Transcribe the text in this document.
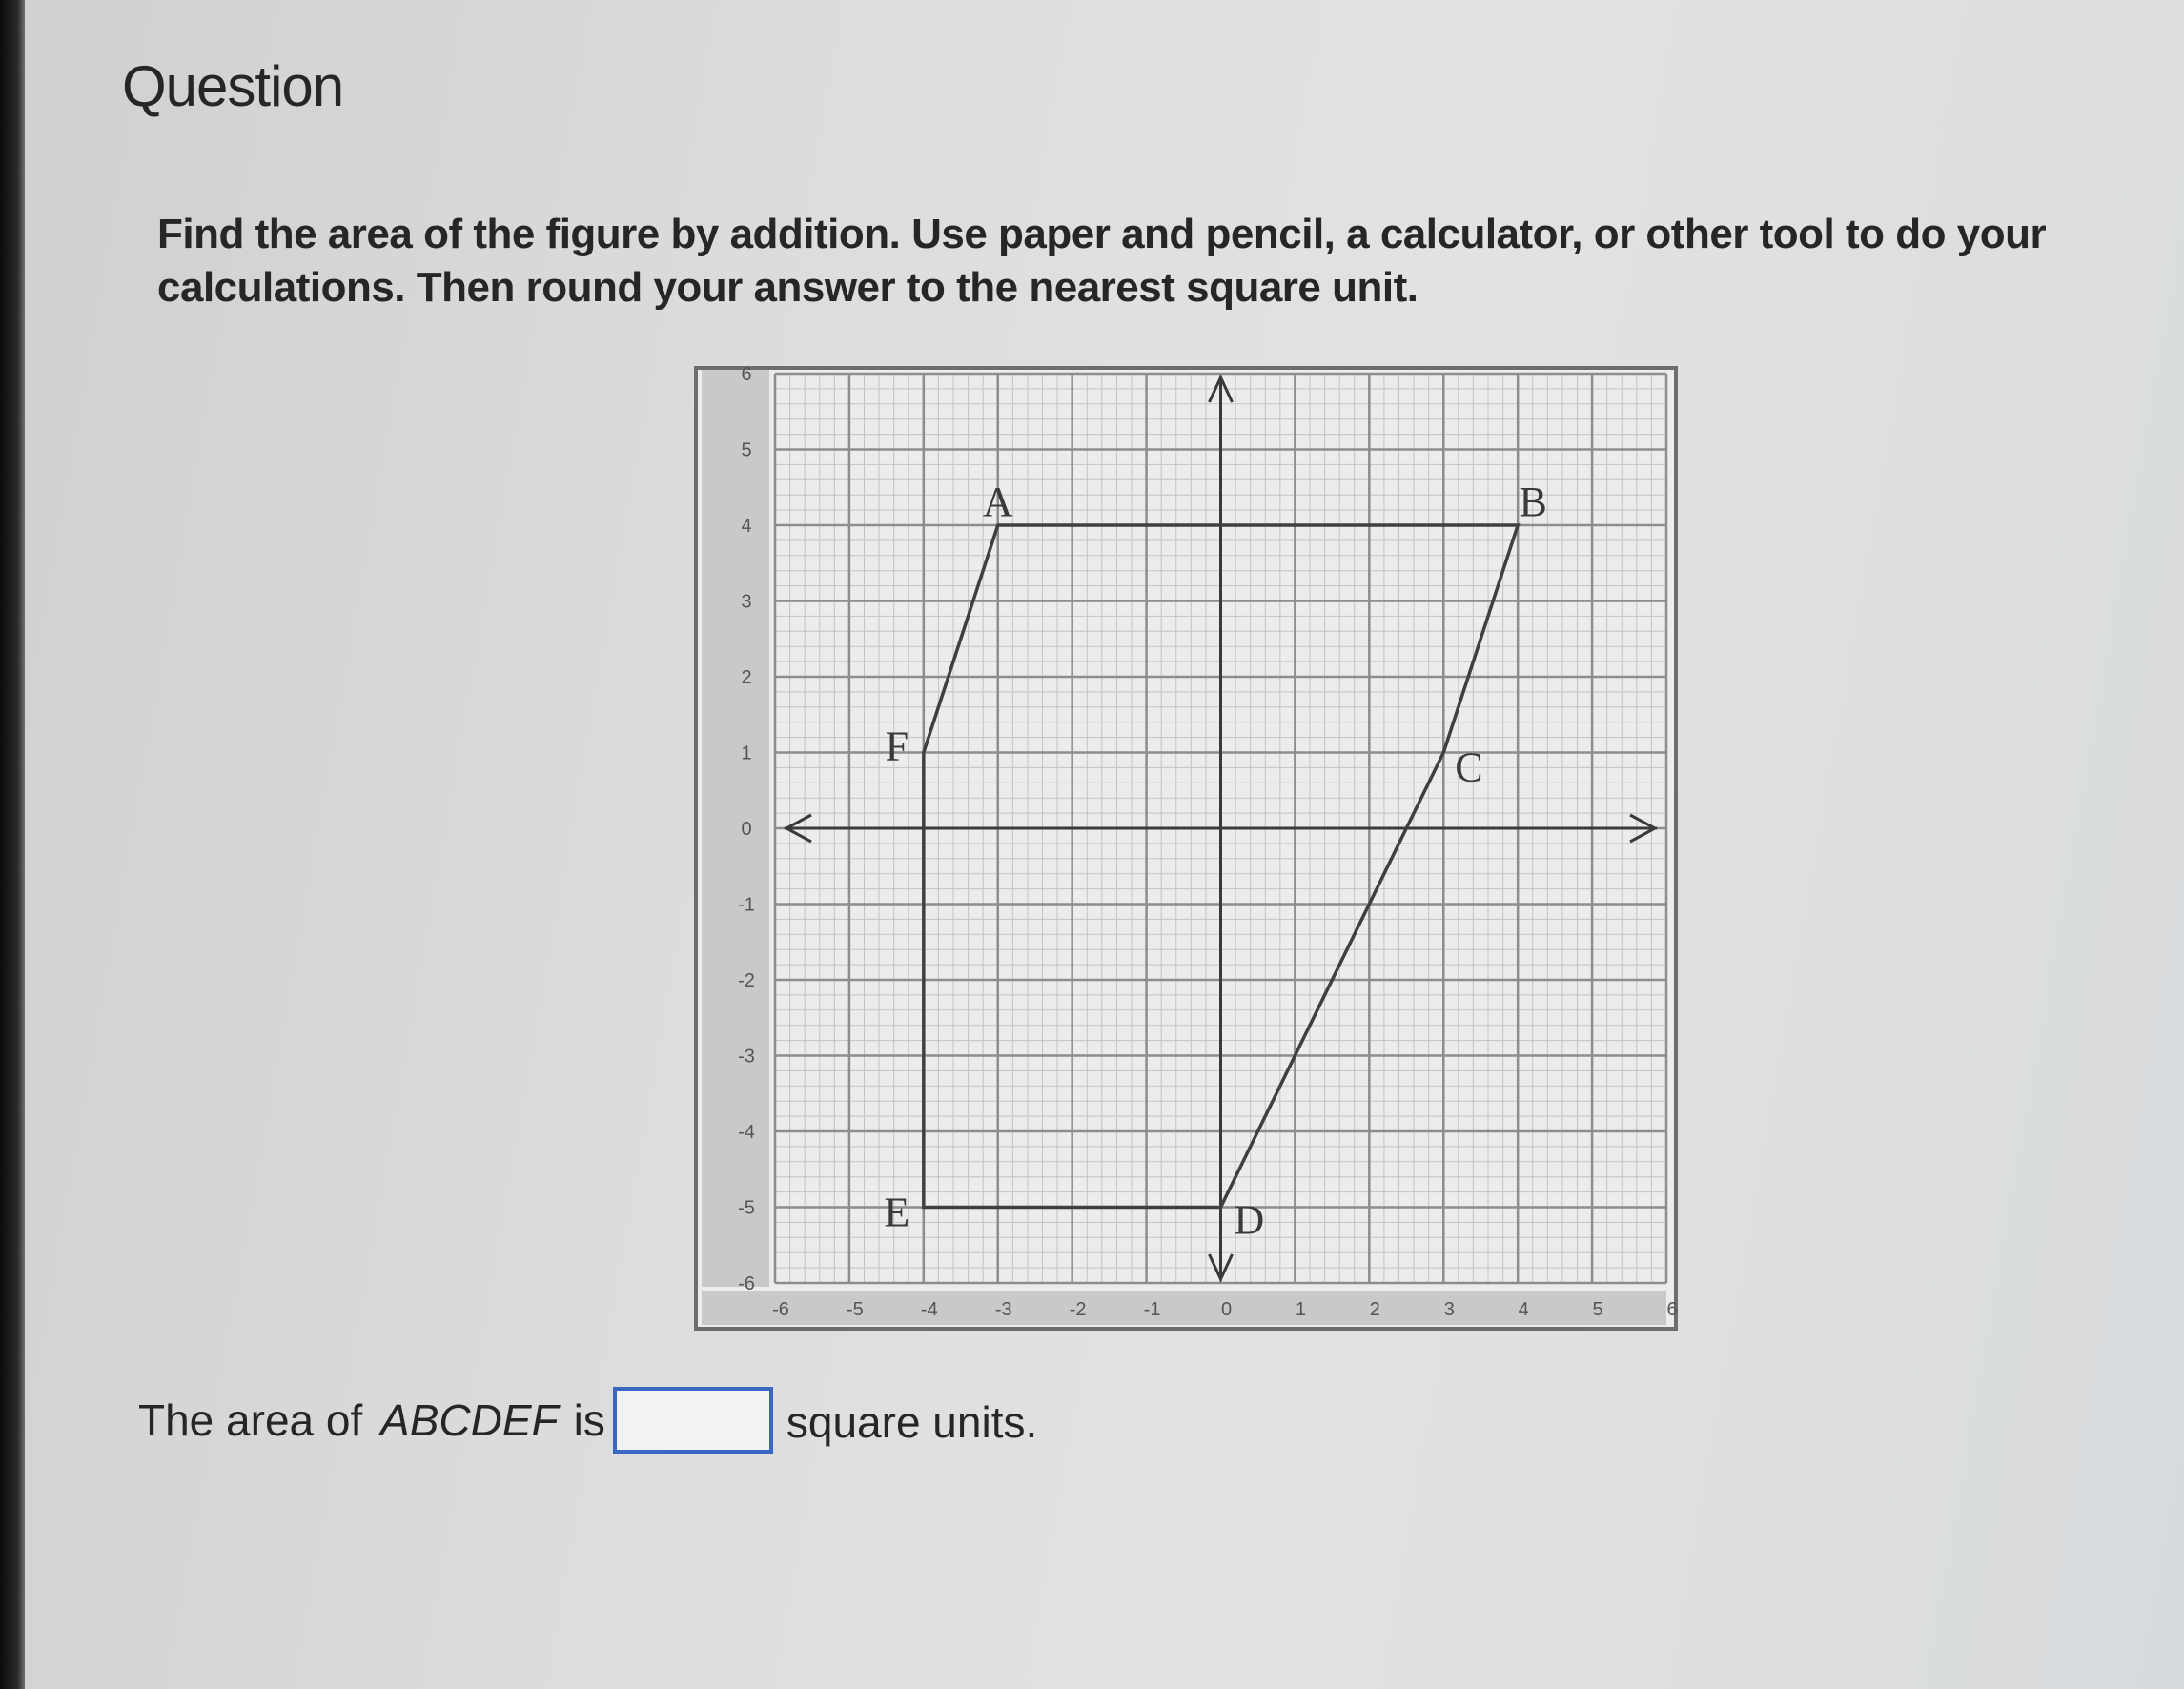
Question
Find the area of the figure by addition. Use paper and pencil, a calculator, or other tool to do your calculations. Then round your answer to the nearest square unit.
6
5
4
3
2
1
0
-1
-2
-3
-4
-5
-6
-6	-5	-4	-3	-2	-1	0	1	2	3	4	5	6
A	B
C
D
E
F
The area of ABCDEF is	square units.
